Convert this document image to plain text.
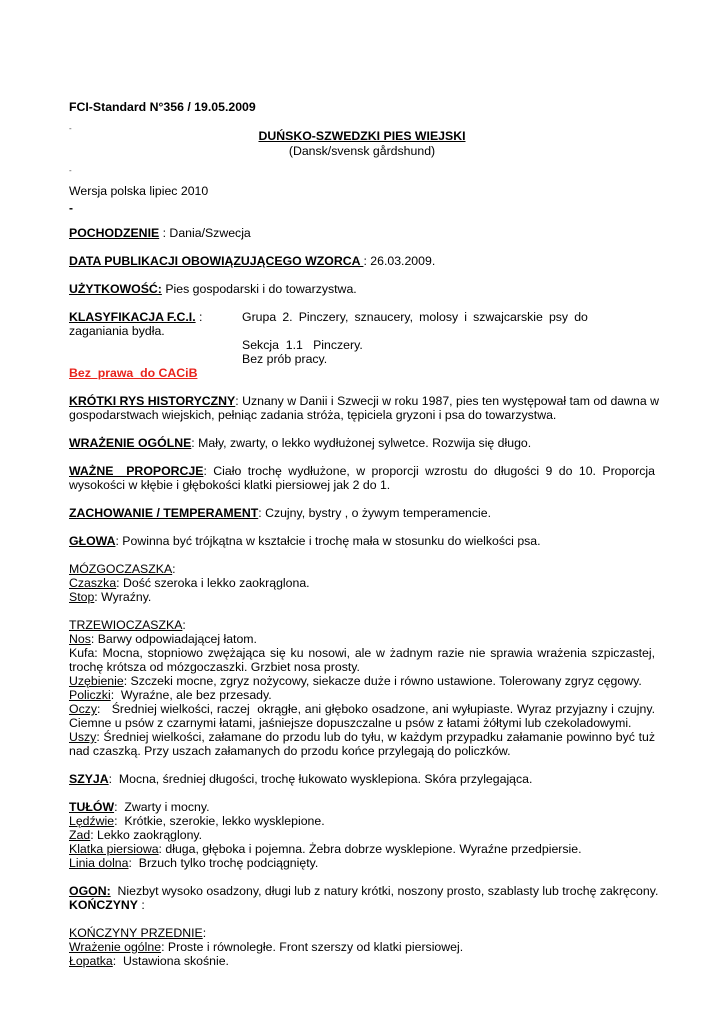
FCI-Standard N°356 / 19.05.2009
-
DUŃSKO-SZWEDZKI PIES WIEJSKI
(Dansk/svensk gårdshund)
-
Wersja polska lipiec 2010
-
POCHODZENIE : Dania/Szwecja
DATA PUBLIKACJI OBOWIĄZUJĄCEGO WZORCA : 26.03.2009.
UŻYTKOWOŚĆ: Pies gospodarski i do towarzystwa.
KLASYFIKACJA F.C.I. :	Grupa 2. Pinczery, sznaucery, molosy i szwajcarskie psy do
zaganiania bydła.
Sekcja  1.1   Pinczery.
Bez prób pracy.
Bez  prawa  do CACiB
KRÓTKI RYS HISTORYCZNY: Uznany w Danii i Szwecji w roku 1987, pies ten występował tam od dawna w
gospodarstwach wiejskich, pełniąc zadania stróża, tępiciela gryzoni i psa do towarzystwa.
WRAŻENIE OGÓLNE: Mały, zwarty, o lekko wydłużonej sylwetce. Rozwija się długo.
WAŻNE  PROPORCJE: Ciało trochę wydłużone, w proporcji wzrostu do długości 9 do 10. Proporcja
wysokości w kłębie i głębokości klatki piersiowej jak 2 do 1.
ZACHOWANIE / TEMPERAMENT: Czujny, bystry , o żywym temperamencie.
GŁOWA: Powinna być trójkątna w kształcie i trochę mała w stosunku do wielkości psa.
MÓZGOCZASZKA:
Czaszka: Dość szeroka i lekko zaokrąglona.
Stop: Wyraźny.
TRZEWIOCZASZKA:
Nos: Barwy odpowiadającej łatom.
Kufa: Mocna, stopniowo zwężająca się ku nosowi, ale w żadnym razie nie sprawia wrażenia szpiczastej,
trochę krótsza od mózgoczaszki. Grzbiet nosa prosty.
Uzębienie: Szczeki mocne, zgryz nożycowy, siekacze duże i równo ustawione. Tolerowany zgryz cęgowy.
Policzki:  Wyraźne, ale bez przesady.
Oczy:   Średniej wielkości, raczej  okrągłe, ani głęboko osadzone, ani wyłupiaste. Wyraz przyjazny i czujny.
Ciemne u psów z czarnymi łatami, jaśniejsze dopuszczalne u psów z łatami żółtymi lub czekoladowymi.
Uszy: Średniej wielkości, załamane do przodu lub do tyłu, w każdym przypadku załamanie powinno być tuż
nad czaszką. Przy uszach załamanych do przodu końce przylegają do policzków.
SZYJA:  Mocna, średniej długości, trochę łukowato wysklepiona. Skóra przylegająca.
TUŁÓW:  Zwarty i mocny.
Lędźwie:  Krótkie, szerokie, lekko wysklepione.
Zad: Lekko zaokrąglony.
Klatka piersiowa: długa, głęboka i pojemna. Żebra dobrze wysklepione. Wyraźne przedpiersie.
Linia dolna:  Brzuch tylko trochę podciągnięty.
OGON:  Niezbyt wysoko osadzony, długi lub z natury krótki, noszony prosto, szablasty lub trochę zakręcony.
KOŃCZYNY :
KOŃCZYNY PRZEDNIE:
Wrażenie ogólne: Proste i równoległe. Front szerszy od klatki piersiowej.
Łopatka:  Ustawiona skośnie.
